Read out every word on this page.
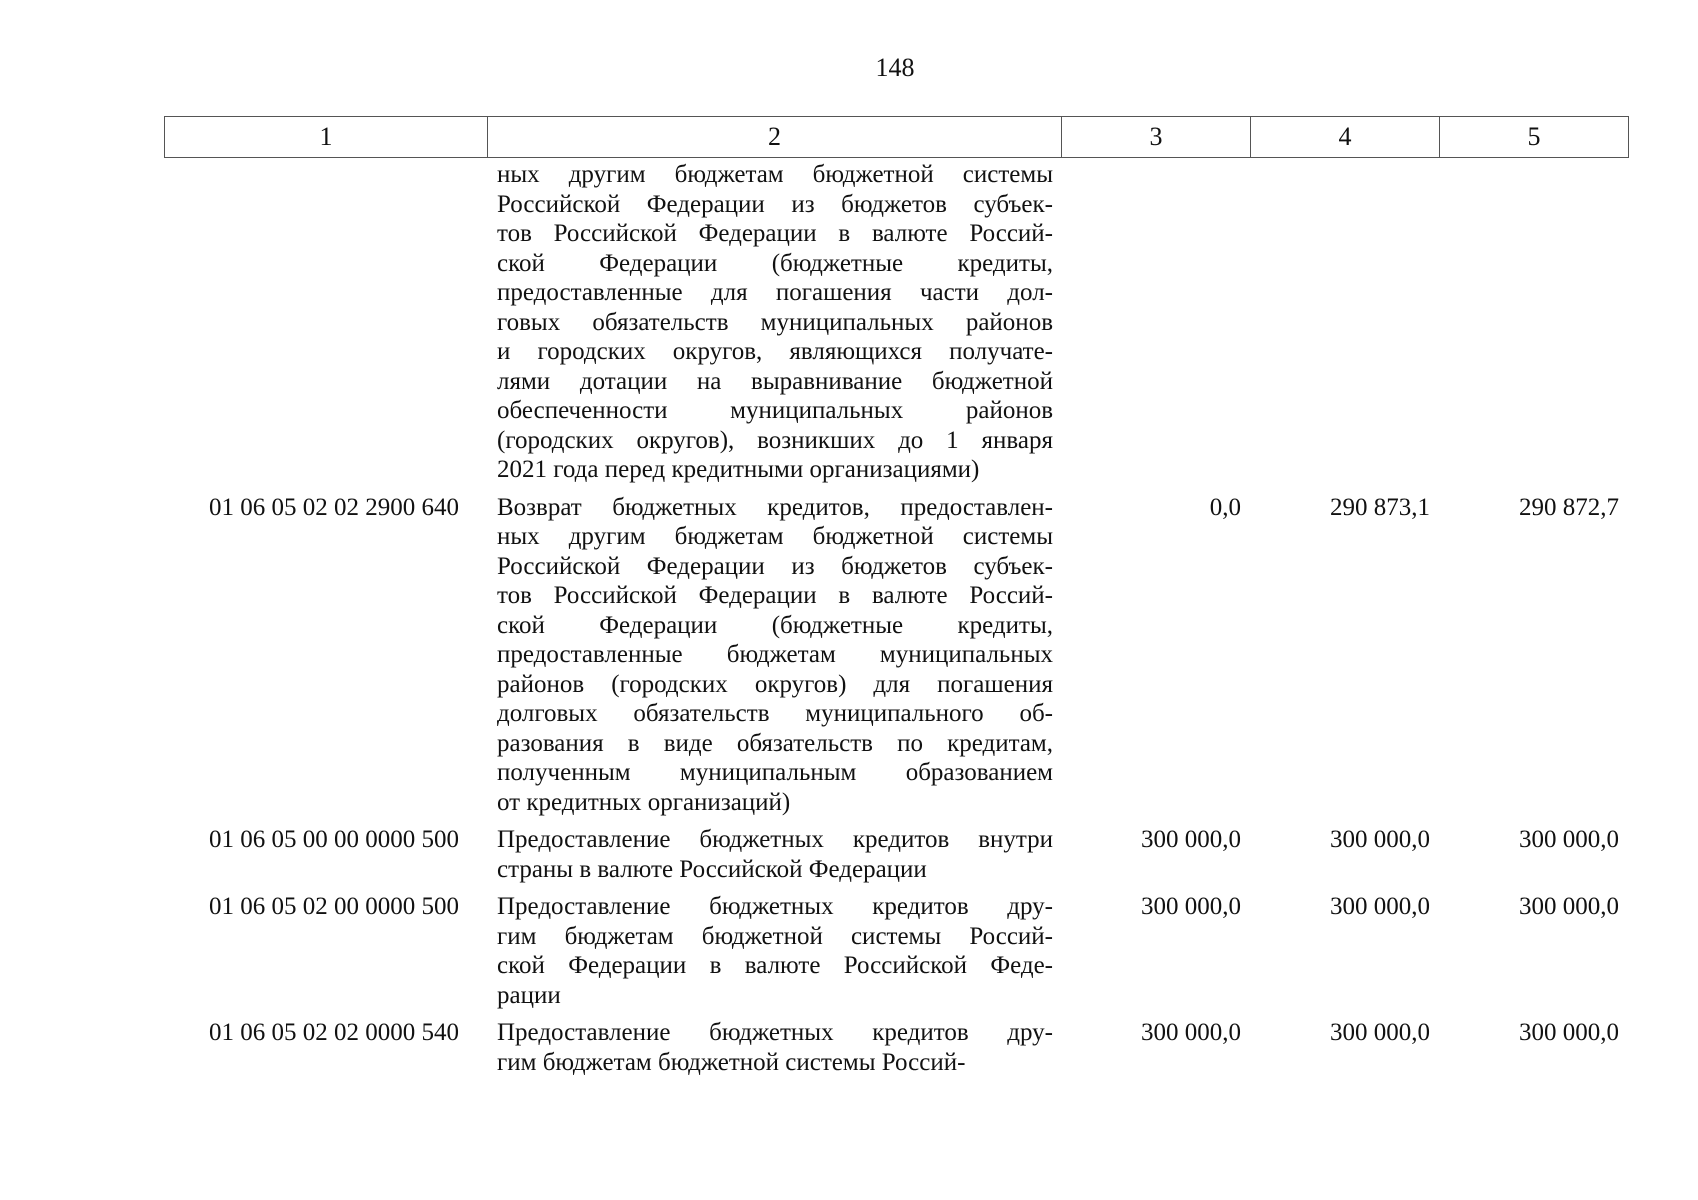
148
1	2	3	4	5
ных другим бюджетам бюджетной системы
Российской Федерации из бюджетов субъек-
тов Российской Федерации в валюте Россий-
ской Федерации (бюджетные кредиты,
предоставленные для погашения части дол-
говых обязательств муниципальных районов
и городских округов, являющихся получате-
лями дотации на выравнивание бюджетной
обеспеченности муниципальных районов
(городских округов), возникших до 1 января
2021 года перед кредитными организациями)
01 06 05 02 02 2900 640	Возврат бюджетных кредитов, предоставлен-
ных другим бюджетам бюджетной системы
Российской Федерации из бюджетов субъек-
тов Российской Федерации в валюте Россий-
ской Федерации (бюджетные кредиты,
предоставленные бюджетам муниципальных
районов (городских округов) для погашения
долговых обязательств муниципального об-
разования в виде обязательств по кредитам,
полученным муниципальным образованием
от кредитных организаций)
0,0	290 873,1	290 872,7
01 06 05 00 00 0000 500	Предоставление бюджетных кредитов внутри
страны в валюте Российской Федерации
300 000,0	300 000,0	300 000,0
01 06 05 02 00 0000 500	Предоставление бюджетных кредитов дру-
гим бюджетам бюджетной системы Россий-
ской Федерации в валюте Российской Феде-
рации
300 000,0	300 000,0	300 000,0
01 06 05 02 02 0000 540	Предоставление бюджетных кредитов дру-
гим бюджетам бюджетной системы Россий-
300 000,0	300 000,0	300 000,0
